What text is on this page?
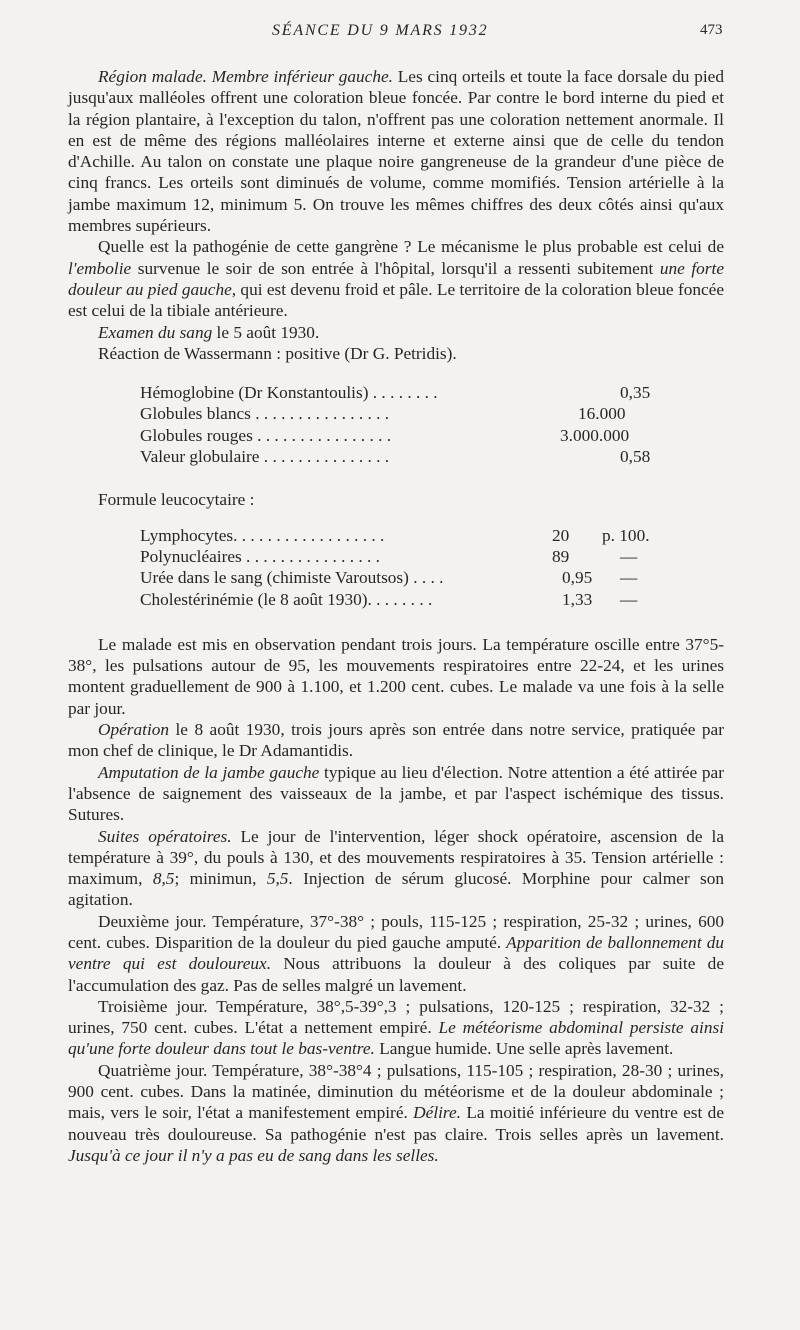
SÉANCE DU 9 MARS 1932	473

Région malade. Membre inférieur gauche. Les cinq orteils et toute la face dorsale du pied jusqu'aux malléoles offrent une coloration bleue foncée. Par contre le bord interne du pied et la région plantaire, à l'exception du talon, n'offrent pas une coloration nettement anormale. Il en est de même des régions malléolaires interne et externe ainsi que de celle du tendon d'Achille. Au talon on constate une plaque noire gangreneuse de la grandeur d'une pièce de cinq francs. Les orteils sont diminués de volume, comme momifiés. Tension artérielle à la jambe maximum 12, minimum 5. On trouve les mêmes chiffres des deux côtés ainsi qu'aux membres supérieurs.

Quelle est la pathogénie de cette gangrène ? Le mécanisme le plus probable est celui de l'embolie survenue le soir de son entrée à l'hôpital, lorsqu'il a ressenti subitement une forte douleur au pied gauche, qui est devenu froid et pâle. Le territoire de la coloration bleue foncée est celui de la tibiale antérieure.

Examen du sang le 5 août 1930.

Réaction de Wassermann : positive (Dr G. Petridis).

Hémoglobine (Dr Konstantoulis) . . . . . . . .	0,35
Globules blancs . . . . . . . . . . . . . . . .	16.000
Globules rouges . . . . . . . . . . . . . . . .	3.000.000
Valeur globulaire . . . . . . . . . . . . . . .	0,58

Formule leucocytaire :

Lymphocytes. . . . . . . . . . . . . . . . . .	20 p. 100.
Polynucléaires . . . . . . . . . . . . . . . .	89	—
Urée dans le sang (chimiste Varoutsos) . . . .	0,95 —
Cholestérinémie (le 8 août 1930). . . . . . . .	1,33 —

Le malade est mis en observation pendant trois jours. La température oscille entre 37°5-38°, les pulsations autour de 95, les mouvements respiratoires entre 22-24, et les urines montent graduellement de 900 à 1.100, et 1.200 cent. cubes. Le malade va une fois à la selle par jour.

Opération le 8 août 1930, trois jours après son entrée dans notre service, pratiquée par mon chef de clinique, le Dr Adamantidis.

Amputation de la jambe gauche typique au lieu d'élection. Notre attention a été attirée par l'absence de saignement des vaisseaux de la jambe, et par l'aspect ischémique des tissus. Sutures.

Suites opératoires. Le jour de l'intervention, léger shock opératoire, ascension de la température à 39°, du pouls à 130, et des mouvements respiratoires à 35. Tension artérielle : maximum, 8,5; minimun, 5,5. Injection de sérum glucosé. Morphine pour calmer son agitation.

Deuxième jour. Température, 37°-38° ; pouls, 115-125 ; respiration, 25-32 ; urines, 600 cent. cubes. Disparition de la douleur du pied gauche amputé. Apparition de ballonnement du ventre qui est douloureux. Nous attribuons la douleur à des coliques par suite de l'accumulation des gaz. Pas de selles malgré un lavement.

Troisième jour. Température, 38°,5-39°,3 ; pulsations, 120-125 ; respiration, 32-32 ; urines, 750 cent. cubes. L'état a nettement empiré. Le météorisme abdominal persiste ainsi qu'une forte douleur dans tout le bas-ventre. Langue humide. Une selle après lavement.

Quatrième jour. Température, 38°-38°4 ; pulsations, 115-105 ; respiration, 28-30 ; urines, 900 cent. cubes. Dans la matinée, diminution du météorisme et de la douleur abdominale ; mais, vers le soir, l'état a manifestement empiré. Délire. La moitié inférieure du ventre est de nouveau très douloureuse. Sa pathogénie n'est pas claire. Trois selles après un lavement. Jusqu'à ce jour il n'y a pas eu de sang dans les selles.
